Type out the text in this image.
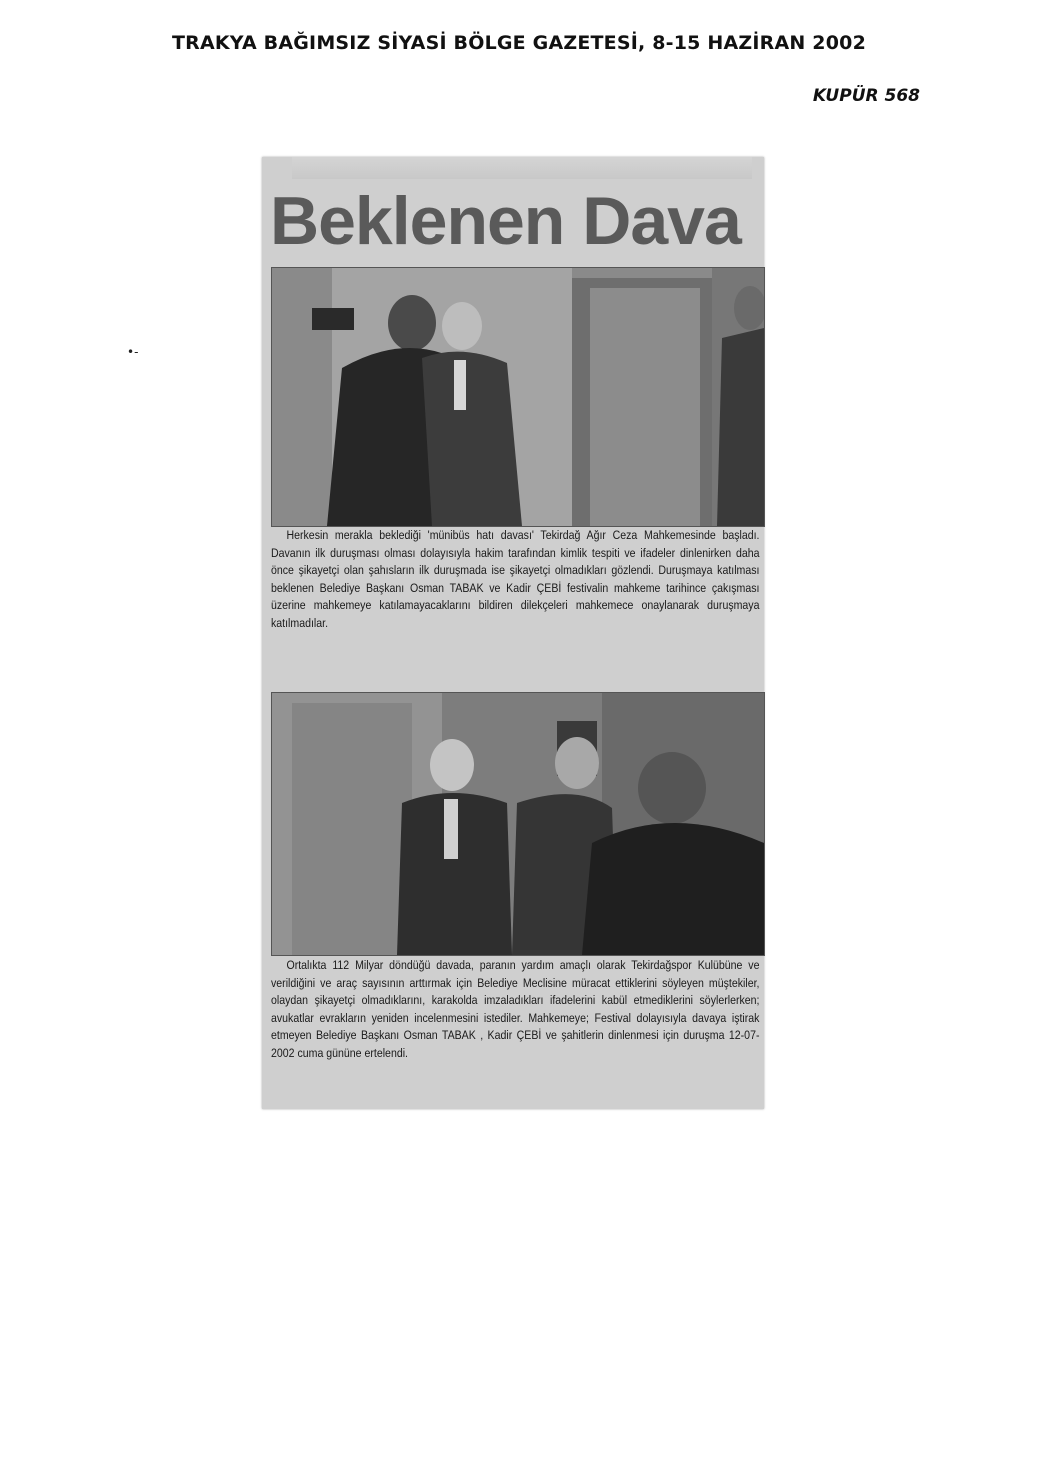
TRAKYA BAĞIMSIZ SİYASİ BÖLGE GAZETESİ, 8-15 HAZİRAN 2002
KUPÜR 568
•-
Beklenen Dava
Herkesin merakla beklediği 'münibüs hatı davası' Tekirdağ Ağır Ceza Mahkemesinde başladı. Davanın ilk duruşması olması dolayısıyla hakim tarafından kimlik tespiti ve ifadeler dinlenirken daha önce şikayetçi olan şahısların ilk duruşmada ise şikayetçi olmadıkları gözlendi. Duruşmaya katılması beklenen Belediye Başkanı Osman TABAK ve Kadir ÇEBİ festivalin mahkeme tarihince çakışması üzerine mahkemeye katılamayacaklarını bildiren dilekçeleri mahkemece onaylanarak duruşmaya katılmadılar.
Ortalıkta 112 Milyar döndüğü davada, paranın yardım amaçlı olarak Tekirdağspor Kulübüne ve verildiğini ve araç sayısının arttırmak için Belediye Meclisine müracat ettiklerini söyleyen müştekiler, olaydan şikayetçi olmadıklarını, karakolda imzaladıkları ifadelerini kabül etmediklerini söylerlerken; avukatlar evrakların yeniden incelenmesini istediler. Mahkemeye; Festival dolayısıyla davaya iştirak etmeyen Belediye Başkanı Osman TABAK , Kadir ÇEBİ ve şahitlerin dinlenmesi için duruşma 12-07-2002 cuma gününe ertelendi.
